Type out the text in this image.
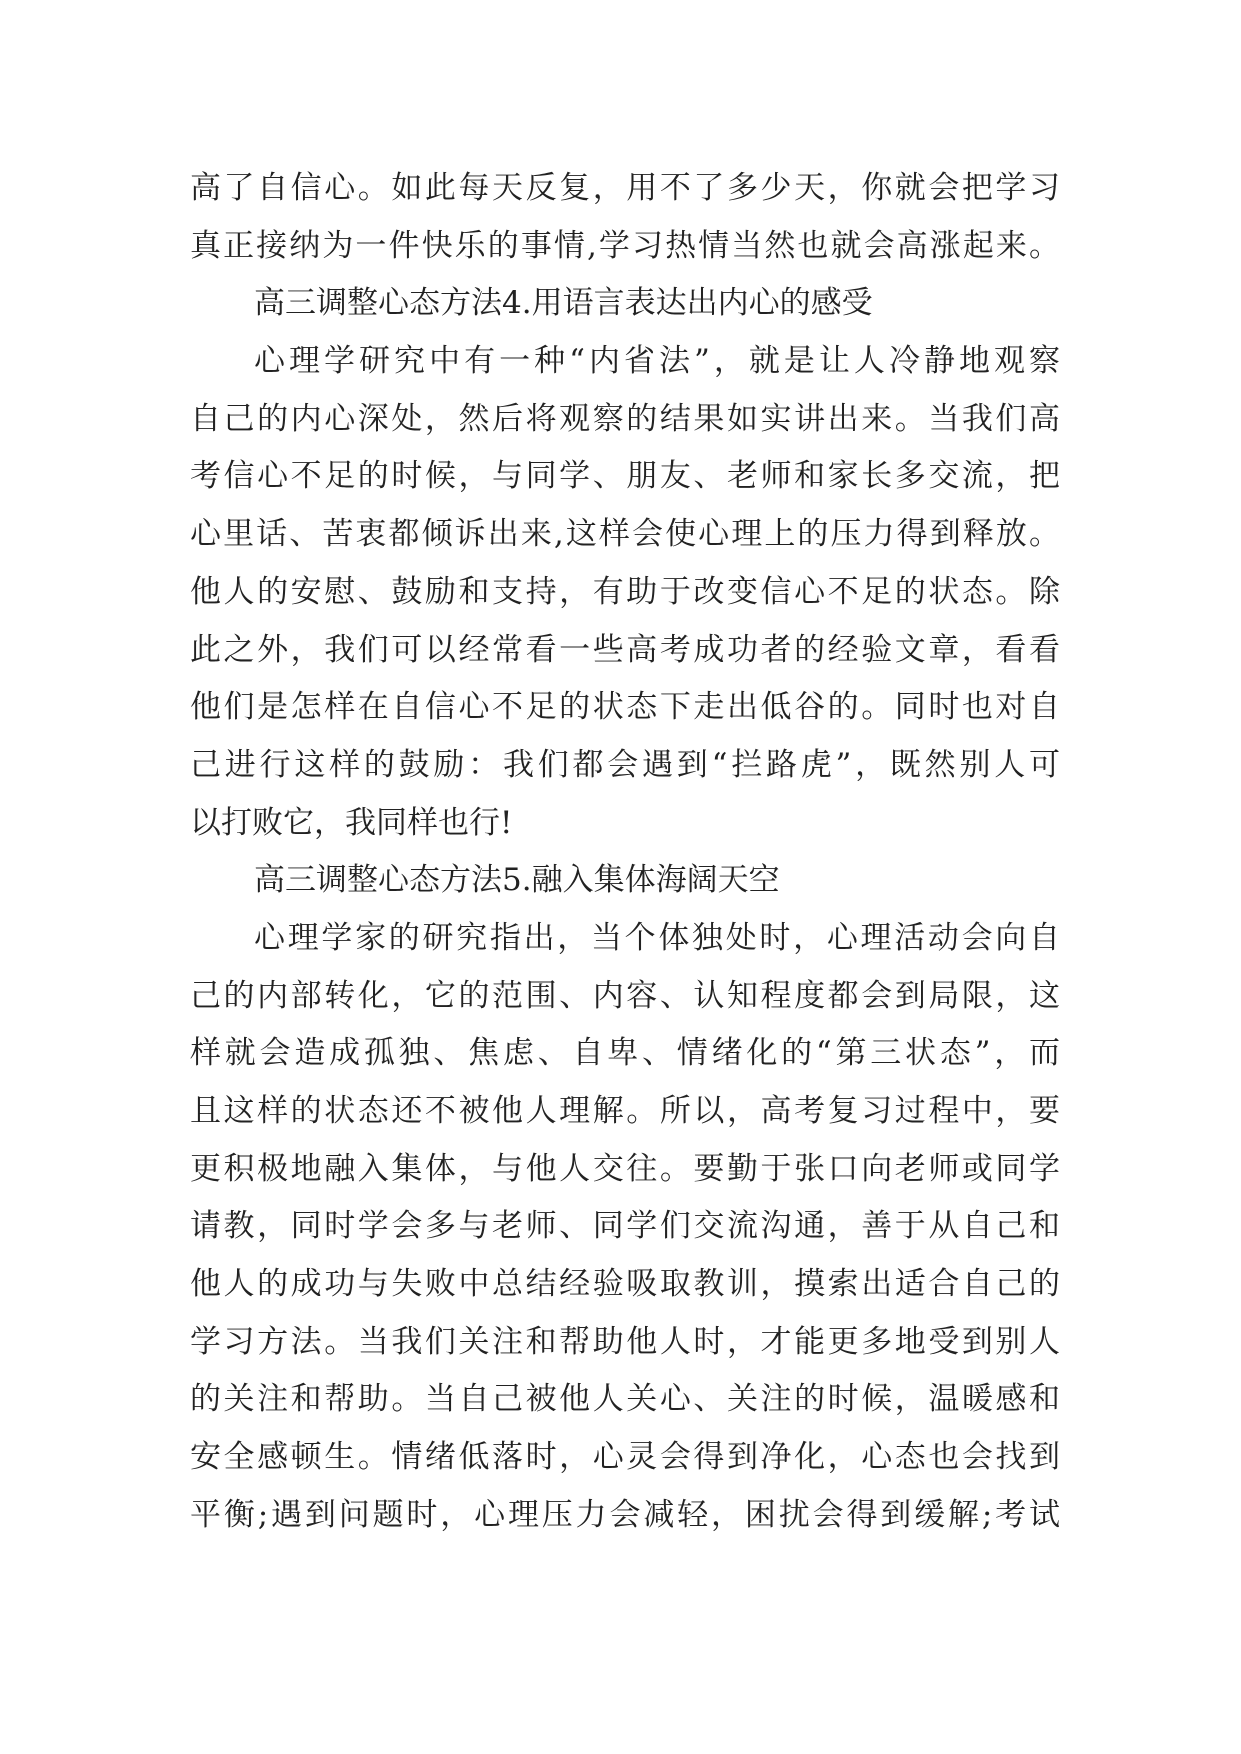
高了自信心。如此每天反复，用不了多少天，你就会把学习
真正接纳为一件快乐的事情,学习热情当然也就会高涨起来。
高三调整心态方法4.用语言表达出内心的感受
心理学研究中有一种“内省法”，就是让人冷静地观察
自己的内心深处，然后将观察的结果如实讲出来。当我们高
考信心不足的时候，与同学、朋友、老师和家长多交流，把
心里话、苦衷都倾诉出来,这样会使心理上的压力得到释放。
他人的安慰、鼓励和支持，有助于改变信心不足的状态。除
此之外，我们可以经常看一些高考成功者的经验文章，看看
他们是怎样在自信心不足的状态下走出低谷的。同时也对自
己进行这样的鼓励：我们都会遇到“拦路虎”，既然别人可
以打败它，我同样也行!
高三调整心态方法5.融入集体海阔天空
心理学家的研究指出，当个体独处时，心理活动会向自
己的内部转化，它的范围、内容、认知程度都会到局限，这
样就会造成孤独、焦虑、自卑、情绪化的“第三状态”，而
且这样的状态还不被他人理解。所以，高考复习过程中，要
更积极地融入集体，与他人交往。要勤于张口向老师或同学
请教，同时学会多与老师、同学们交流沟通，善于从自己和
他人的成功与失败中总结经验吸取教训，摸索出适合自己的
学习方法。当我们关注和帮助他人时，才能更多地受到别人
的关注和帮助。当自己被他人关心、关注的时候，温暖感和
安全感顿生。情绪低落时，心灵会得到净化，心态也会找到
平衡;遇到问题时，心理压力会减轻，困扰会得到缓解;考试
